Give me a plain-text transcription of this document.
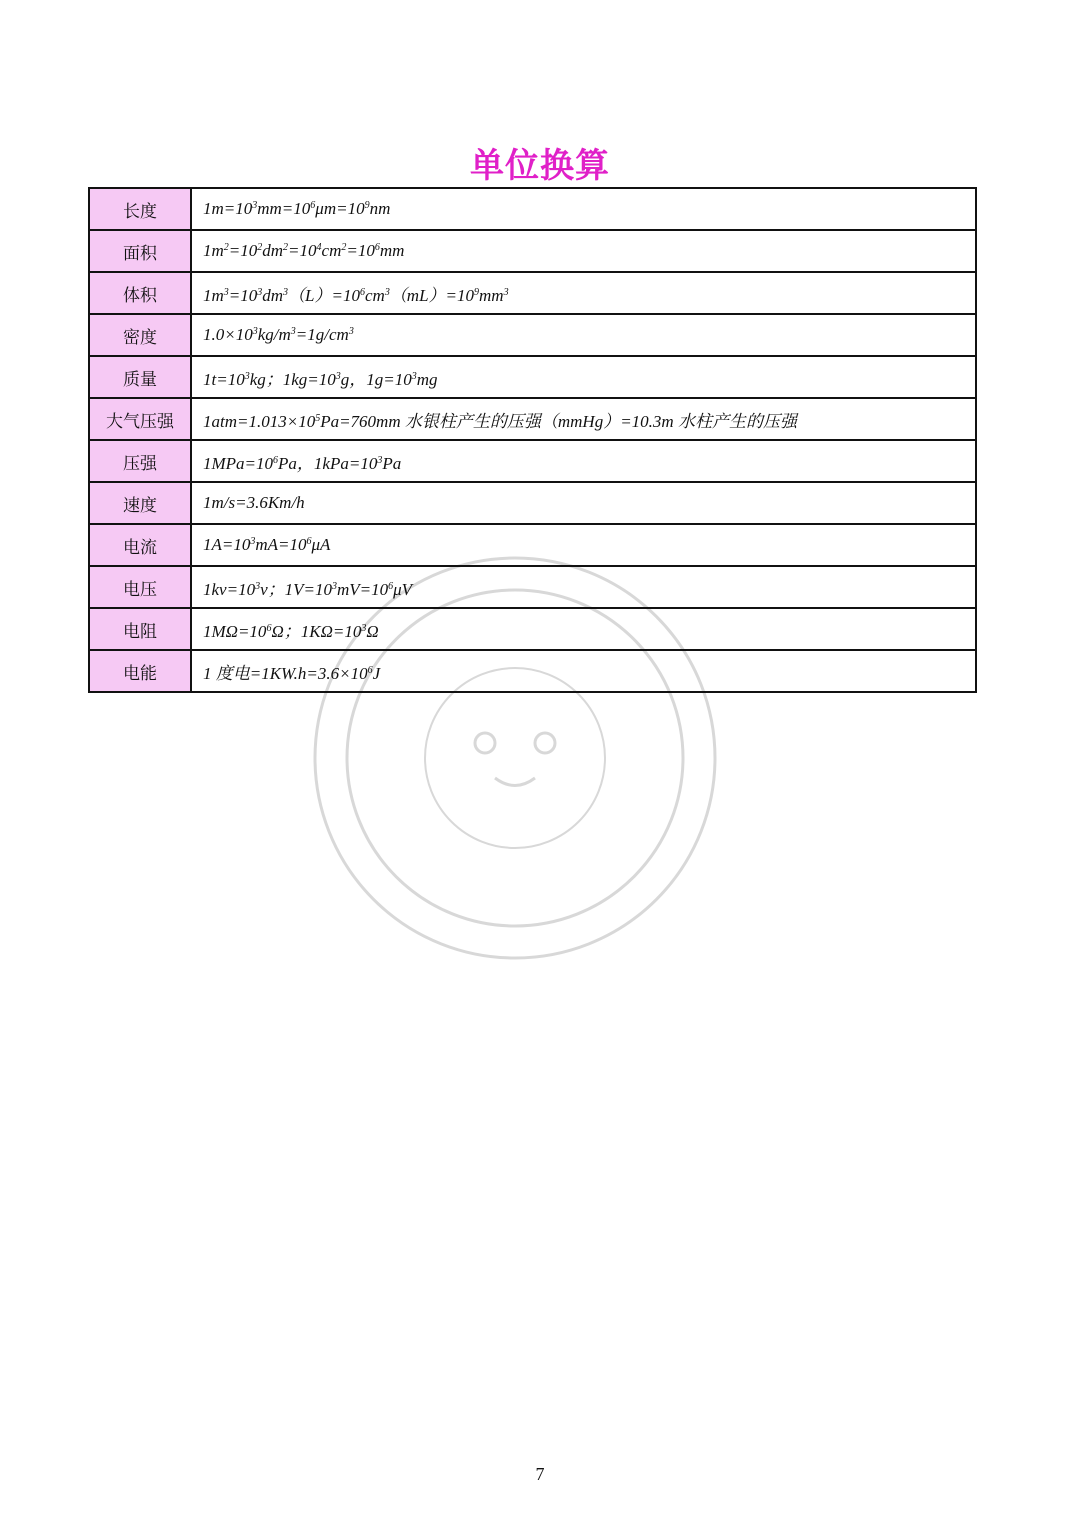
单位换算
长度	$1m=10^3mm=10^6\mu m=10^9nm$
面积	$1m^2=10^2dm^2=10^4cm^2=10^6mm$
体积	$1m^3=10^3dm^3(L)=10^6cm^3(mL)=10^9mm^3$
密度	$1.0\times 10^3kg/m^3=1g/cm^3$
质量	$1t=10^3kg$；$1kg=10^3g$，$1g=10^3mg$
大气压强	$1atm=1.013\times 10^5Pa=760mm$ 水银柱产生的压强（mmHg）=10.3m 水柱产生的压强
压强	$1MPa=10^6Pa$，$1kPa=10^3Pa$
速度	1m/s=3.6Km/h
电流	$1A=10^3mA=10^6\mu A$
电压	$1kv=10^3v$；$1V=10^3mV=10^6\mu V$
电阻	$1M\Omega=10^6\Omega$；$1K\Omega=10^3\Omega$
电能	1 度电$=1KW.h=3.6\times 10^6J$
7
